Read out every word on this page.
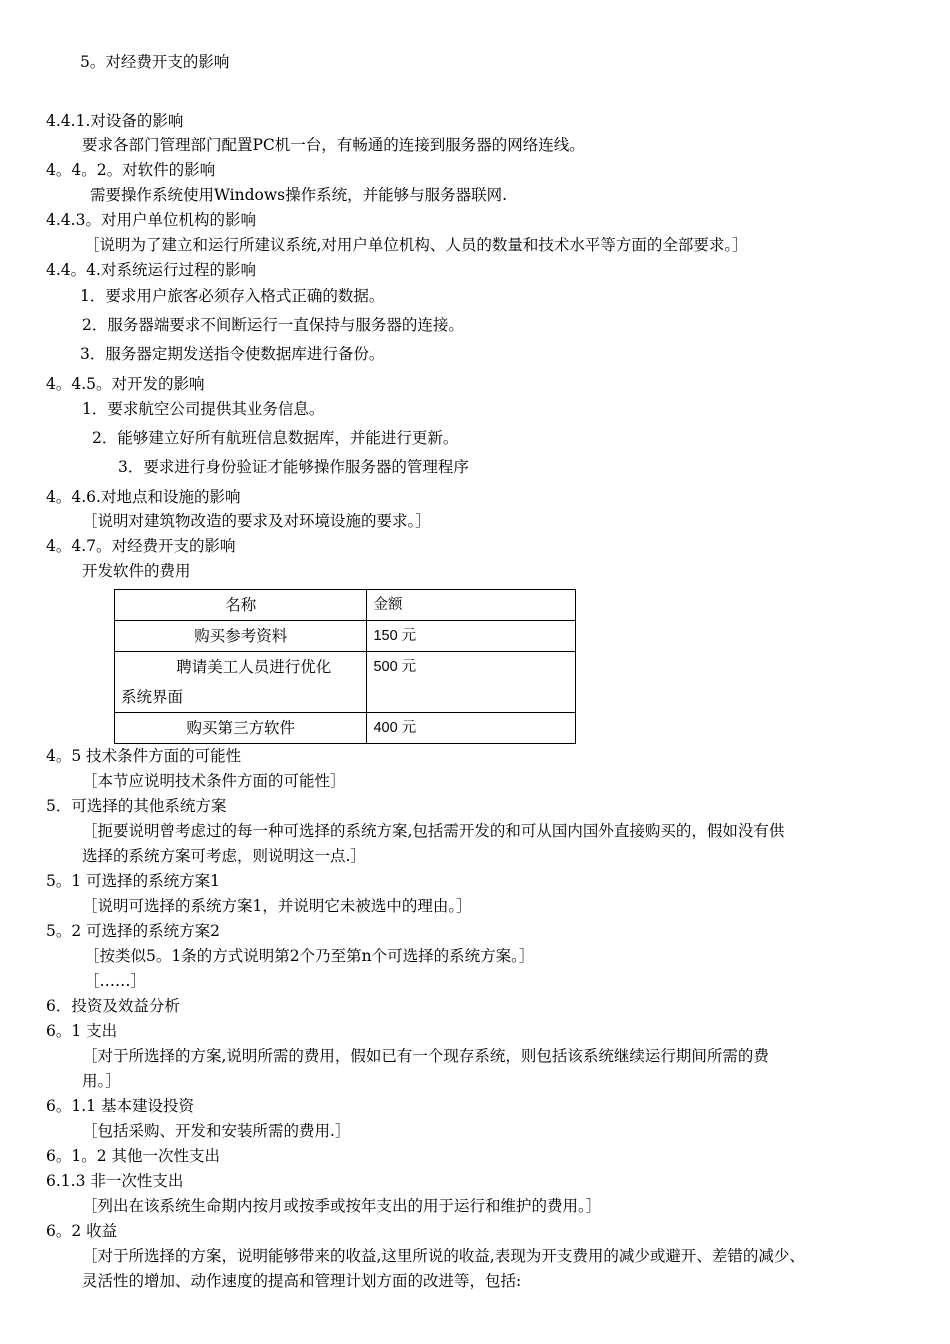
5。对经费开支的影响
4.4.1.对设备的影响
要求各部门管理部门配置PC机一台，有畅通的连接到服务器的网络连线。
4。4。2。对软件的影响
需要操作系统使用Windows操作系统，并能够与服务器联网.
4.4.3。对用户单位机构的影响
［说明为了建立和运行所建议系统,对用户单位机构、人员的数量和技术水平等方面的全部要求。］
4.4。4.对系统运行过程的影响
1．要求用户旅客必须存入格式正确的数据。
2．服务器端要求不间断运行一直保持与服务器的连接。
3．服务器定期发送指令使数据库进行备份。
4。4.5。对开发的影响
1．要求航空公司提供其业务信息。
2．能够建立好所有航班信息数据库，并能进行更新。
3．要求进行身份验证才能够操作服务器的管理程序
4。4.6.对地点和设施的影响
［说明对建筑物改造的要求及对环境设施的要求。］
4。4.7。对经费开支的影响
开发软件的费用
名称	金额
购买参考资料	150 元

聘请美工人员进行优化
系统界面	500 元
购买第三方软件	400 元
4。5 技术条件方面的可能性
［本节应说明技术条件方面的可能性］
5．可选择的其他系统方案
［扼要说明曾考虑过的每一种可选择的系统方案,包括需开发的和可从国内国外直接购买的，假如没有供
选择的系统方案可考虑，则说明这一点.］
5。1 可选择的系统方案1
［说明可选择的系统方案1，并说明它未被选中的理由。］
5。2 可选择的系统方案2
［按类似5。1条的方式说明第2个乃至第n个可选择的系统方案。］
［……］
6．投资及效益分析
6。1 支出
［对于所选择的方案,说明所需的费用，假如已有一个现存系统，则包括该系统继续运行期间所需的费
用。］
6。1.1 基本建设投资
［包括采购、开发和安装所需的费用.］
6。1。2 其他一次性支出
6.1.3 非一次性支出
［列出在该系统生命期内按月或按季或按年支出的用于运行和维护的费用。］
6。2 收益
［对于所选择的方案，说明能够带来的收益,这里所说的收益,表现为开支费用的减少或避开、差错的减少、
灵活性的增加、动作速度的提高和管理计划方面的改进等，包括:
